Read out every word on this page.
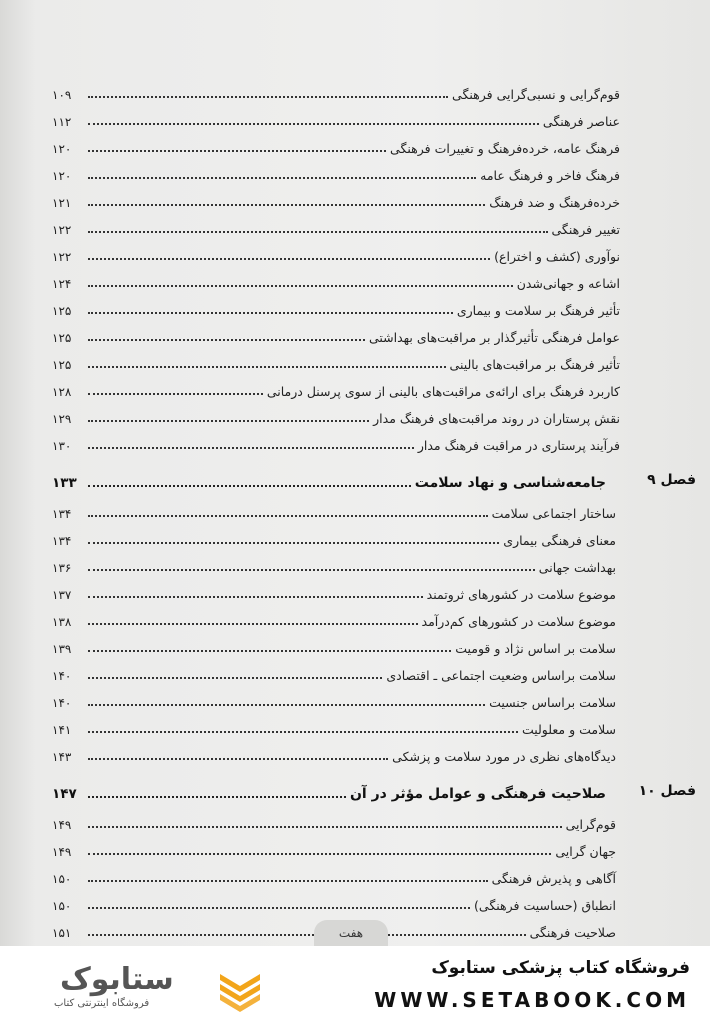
قوم‌گرایی و نسبی‌گرایی فرهنگی
۱۰۹
عناصر فرهنگی
۱۱۲
فرهنگ عامه، خرده‌فرهنگ و تغییرات فرهنگی
۱۲۰
فرهنگ فاخر و فرهنگ عامه
۱۲۰
خرده‌فرهنگ و ضد فرهنگ
۱۲۱
تغییر فرهنگی
۱۲۲
نوآوری (کشف و اختراع)
۱۲۲
اشاعه و جهانی‌شدن
۱۲۴
تأثیر فرهنگ بر سلامت و بیماری
۱۲۵
عوامل فرهنگی تأثیرگذار بر مراقبت‌های بهداشتی
۱۲۵
تأثیر فرهنگ بر مراقبت‌های بالینی
۱۲۵
کاربرد فرهنگ برای ارائه‌ی مراقبت‌های بالینی از سوی پرسنل درمانی
۱۲۸
نقش پرستاران در روند مراقبت‌های فرهنگ مدار
۱۲۹
فرآیند پرستاری در مراقبت فرهنگ مدار
۱۳۰
فصل ۹
جامعه‌شناسی و نهاد سلامت
۱۳۳
ساختار اجتماعی سلامت
۱۳۴
معنای فرهنگی بیماری
۱۳۴
بهداشت جهانی
۱۳۶
موضوع سلامت در کشورهای ثروتمند
۱۳۷
موضوع سلامت در کشورهای کم‌درآمد
۱۳۸
سلامت بر اساس نژاد و قومیت
۱۳۹
سلامت براساس وضعیت اجتماعی ـ اقتصادی
۱۴۰
سلامت براساس جنسیت
۱۴۰
سلامت و معلولیت
۱۴۱
دیدگاه‌های نظری در مورد سلامت و پزشکی
۱۴۳
فصل ۱۰
صلاحیت فرهنگی و عوامل مؤثر در آن
۱۴۷
قوم‌گرایی
۱۴۹
جهان گرایی
۱۴۹
آگاهی و پذیرش فرهنگی
۱۵۰
انطباق (حساسیت فرهنگی)
۱۵۰
صلاحیت فرهنگی
۱۵۱	هفت
ستابوک
فروشگاه اینترنتی کتاب
فروشگاه کتاب پزشکی ستابوک
WWW.SETABOOK.COM
